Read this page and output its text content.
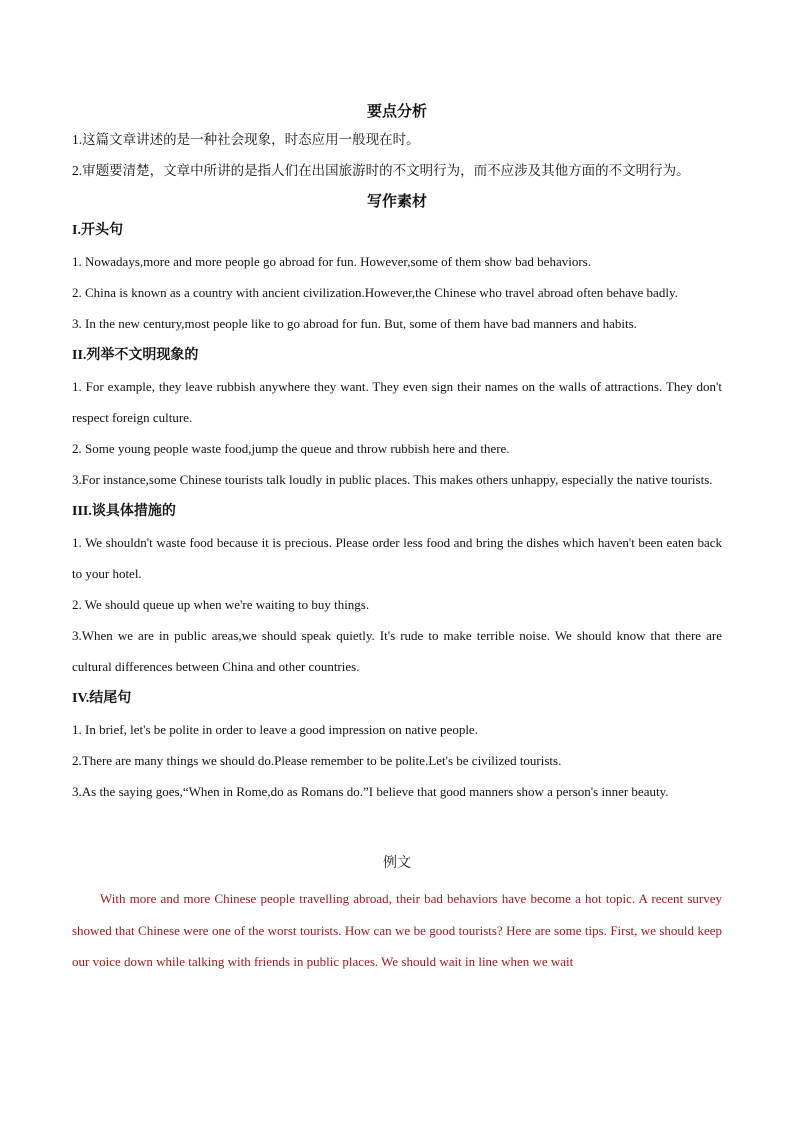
要点分析

1.这篇文章讲述的是一种社会现象，时态应用一般现在时。

2.审题要清楚，文章中所讲的是指人们在出国旅游时的不文明行为，而不应涉及其他方面的不文明行为。

写作素材

I.开头句

1. Nowadays,more and more people go abroad for fun. However,some of them show bad behaviors.

2. China is known as a country with ancient civilization.However,the Chinese who travel abroad often behave badly.

3. In the new century,most people like to go abroad for fun. But, some of them have bad manners and habits.

II.列举不文明现象的

1. For example, they leave rubbish anywhere they want. They even sign their names on the walls of attractions. They don't respect foreign culture.

2. Some young people waste food,jump the queue and throw rubbish here and there.

3.For instance,some Chinese tourists talk loudly in public places. This makes others unhappy, especially the native tourists.

III.谈具体措施的

1. We shouldn't waste food because it is precious. Please order less food and bring the dishes which haven't been eaten back to your hotel.

2. We should queue up when we're waiting to buy things.

3.When we are in public areas,we should speak quietly. It's rude to make terrible noise. We should know that there are cultural differences between China and other countries.

IV.结尾句

1. In brief, let's be polite in order to leave a good impression on native people.

2.There are many things we should do.Please remember to be polite.Let's be civilized tourists.

3.As the saying goes,“When in Rome,do as Romans do.”I believe that good manners show a person's inner beauty.

例文

With more and more Chinese people travelling abroad, their bad behaviors have become a hot topic. A recent survey showed that Chinese were one of the worst tourists. How can we be good tourists? Here are some tips. First, we should keep our voice down while talking with friends in public places. We should wait in line when we wait
